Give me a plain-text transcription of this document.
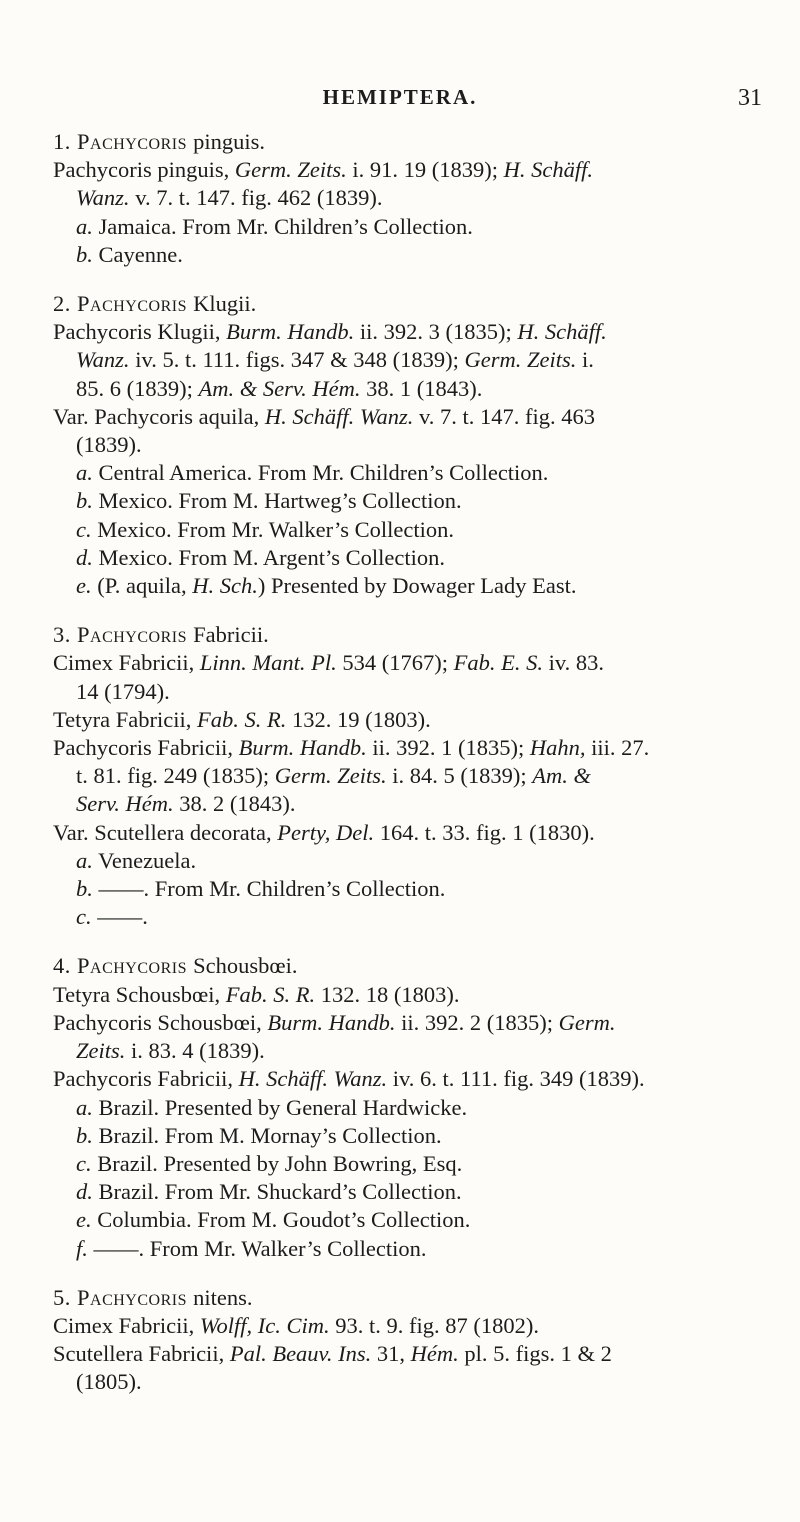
HEMIPTERA.	31
1. Pachycoris pinguis.
Pachycoris pinguis, Germ. Zeits. i. 91. 19 (1839); H. Schäff.
Wanz. v. 7. t. 147. fig. 462 (1839).
a. Jamaica. From Mr. Children’s Collection.
b. Cayenne.
2. Pachycoris Klugii.
Pachycoris Klugii, Burm. Handb. ii. 392. 3 (1835); H. Schäff.
Wanz. iv. 5. t. 111. figs. 347 & 348 (1839); Germ. Zeits. i.
85. 6 (1839); Am. & Serv. Hém. 38. 1 (1843).
Var. Pachycoris aquila, H. Schäff. Wanz. v. 7. t. 147. fig. 463
(1839).
a. Central America. From Mr. Children’s Collection.
b. Mexico. From M. Hartweg’s Collection.
c. Mexico. From Mr. Walker’s Collection.
d. Mexico. From M. Argent’s Collection.
e. (P. aquila, H. Sch.) Presented by Dowager Lady East.
3. Pachycoris Fabricii.
Cimex Fabricii, Linn. Mant. Pl. 534 (1767); Fab. E. S. iv. 83.
14 (1794).
Tetyra Fabricii, Fab. S. R. 132. 19 (1803).
Pachycoris Fabricii, Burm. Handb. ii. 392. 1 (1835); Hahn, iii. 27.
t. 81. fig. 249 (1835); Germ. Zeits. i. 84. 5 (1839); Am. &
Serv. Hém. 38. 2 (1843).
Var. Scutellera decorata, Perty, Del. 164. t. 33. fig. 1 (1830).
a. Venezuela.
b. ——. From Mr. Children’s Collection.
c. ——.
4. Pachycoris Schousbœi.
Tetyra Schousbœi, Fab. S. R. 132. 18 (1803).
Pachycoris Schousbœi, Burm. Handb. ii. 392. 2 (1835); Germ.
Zeits. i. 83. 4 (1839).
Pachycoris Fabricii, H. Schäff. Wanz. iv. 6. t. 111. fig. 349 (1839).
a. Brazil. Presented by General Hardwicke.
b. Brazil. From M. Mornay’s Collection.
c. Brazil. Presented by John Bowring, Esq.
d. Brazil. From Mr. Shuckard’s Collection.
e. Columbia. From M. Goudot’s Collection.
f. ——. From Mr. Walker’s Collection.
5. Pachycoris nitens.
Cimex Fabricii, Wolff, Ic. Cim. 93. t. 9. fig. 87 (1802).
Scutellera Fabricii, Pal. Beauv. Ins. 31, Hém. pl. 5. figs. 1 & 2
(1805).
